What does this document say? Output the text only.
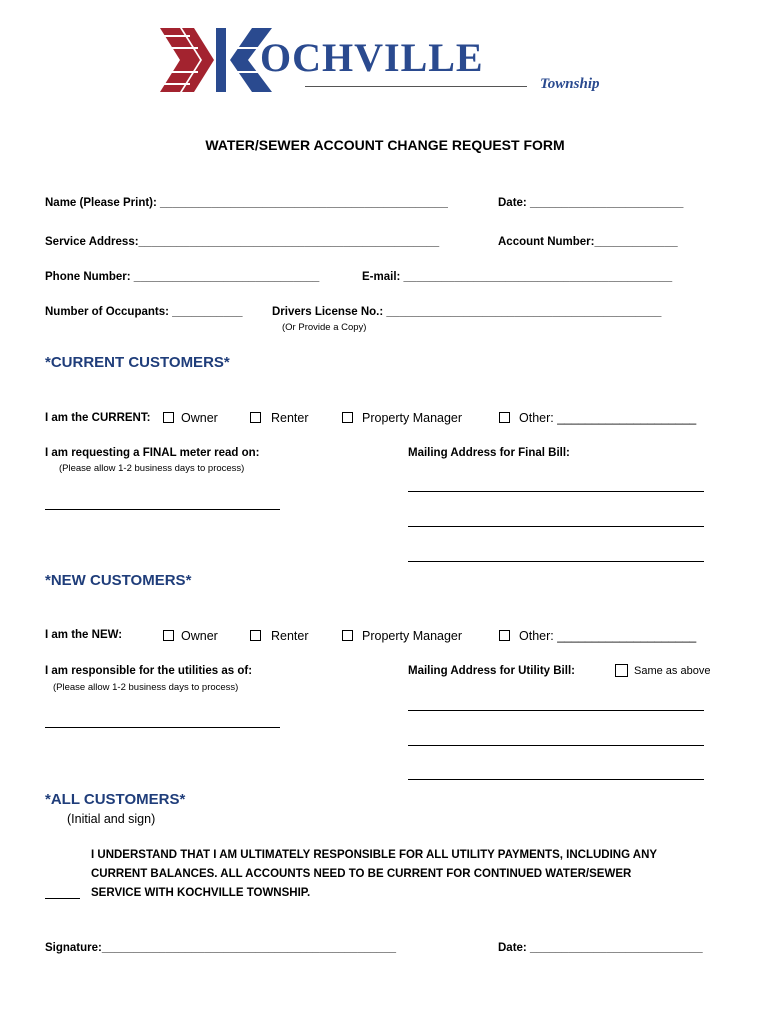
OCHVILLE
Township
WATER/SEWER ACCOUNT CHANGE REQUEST FORM
Name (Please Print): _____________________________________________	Date: ________________________
Service Address:_______________________________________________	Account Number:_____________
Phone Number: _____________________________	E-mail: __________________________________________
Number of Occupants: ___________	Drivers License No.: ___________________________________________
(Or Provide a Copy)
*CURRENT CUSTOMERS*
I am the CURRENT: Owner	Renter	Property Manager	Other: ____________________
I am requesting a FINAL meter read on:
(Please allow 1-2 business days to process)
Mailing Address for Final Bill:
*NEW CUSTOMERS*
I am the NEW:	Owner	Renter	Property Manager	Other: ____________________
I am responsible for the utilities as of:
(Please allow 1-2 business days to process)
Mailing Address for Utility Bill:	Same as above
*ALL CUSTOMERS*
(Initial and sign)
I UNDERSTAND THAT I AM ULTIMATELY RESPONSIBLE FOR ALL UTILITY PAYMENTS, INCLUDING ANY
CURRENT BALANCES. ALL ACCOUNTS NEED TO BE CURRENT FOR CONTINUED WATER/SEWER
SERVICE WITH KOCHVILLE TOWNSHIP.
Signature:______________________________________________	Date: ___________________________
